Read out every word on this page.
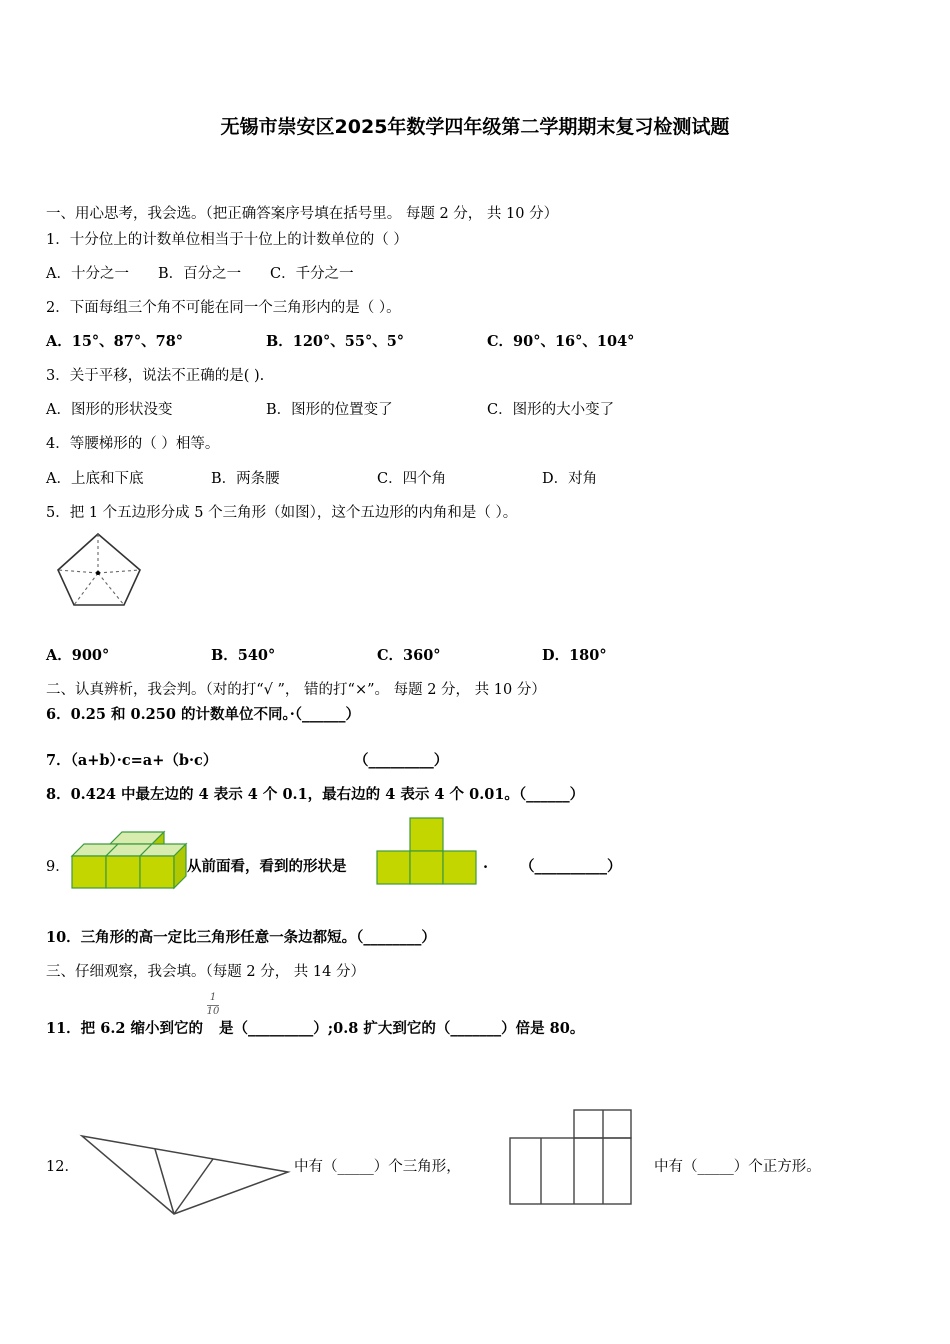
无锡市崇安区2025年数学四年级第二学期期末复习检测试题
一、用心思考，我会选。（把正确答案序号填在括号里。 每题 2 分， 共 10 分）
1．十分位上的计数单位相当于十位上的计数单位的（ ）
A．十分之一 B．百分之一 C．千分之一
2．下面每组三个角不可能在同一个三角形内的是（ ）。
A．15°、87°、78°	B．120°、55°、5°	C．90°、16°、104°
3．关于平移，说法不正确的是( ).
A．图形的形状没变	B．图形的位置变了	C．图形的大小变了
4．等腰梯形的（ ）相等。
A．上底和下底	B．两条腰	C．四个角	D．对角
5．把 1 个五边形分成 5 个三角形（如图），这个五边形的内角和是（ ）。
A．900°	B．540°	C．360°	D．180°
二、认真辨析，我会判。（对的打“√ ”， 错的打“×”。 每题 2 分， 共 10 分）
6．0.25 和 0.250 的计数单位不同。·（______）
7．（a+b）·c=a+（b·c）	（_________）
8．0.424 中最左边的 4 表示 4 个 0.1，最右边的 4 表示 4 个 0.01。（______）
9．	从前面看，看到的形状是	. （__________）
10．三角形的高一定比三角形任意一条边都短。（________）
三、仔细观察，我会填。（每题 2 分， 共 14 分）
11．把 6.2 缩小到它的
1
10
是（_________）;0.8 扩大到它的（_______）倍是 80。
12．	中有（_____）个三角形，	中有（_____）个正方形。
